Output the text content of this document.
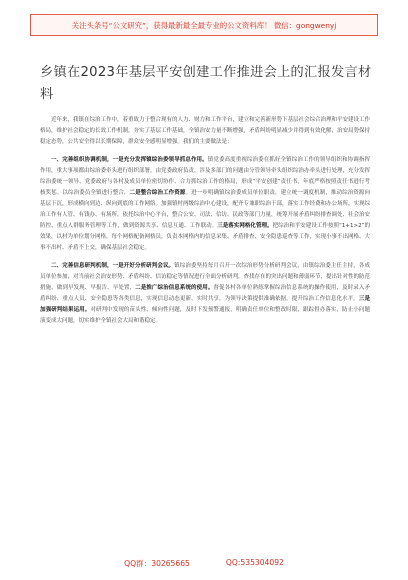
关注头条号“公文研究”，获得最新最全最专业的公文资料库！ 微信：gongwenyj
乡镇在2023年基层平安创建工作推进会上的汇报发言材料

近年来，我镇在综治工作中，着重致力于整合现有的人力、财力和工作平台，建立和完善新形势下基层社会综合治理和平安建设工作格局，维护社会稳定的长效工作机制，夯实了基层工作基础，全镇治安力量不断增强，矛盾纠纷明显减少并得到有效化解，治安局势保持稳定态势，公共安全得以长期保障，群众安全感明显增强。我们的主要做法是：

一、完善组织协调机制，一是充分发挥镇综治委领导抓总作用。镇党委高度重视综治委在抓好全镇综治工作的领导组织和协调指挥作用，重大事项都由综治委牵头进行组织部署，由党委政府负责，涉及多部门的问题由分管领导牵头组织综治办牵头进行处理，充分发挥综治委统一领导、党委政府与各村及成员单位密切协作、合力抓综治工作的格局，形成“平安创建”责任书，年底严格按照责任书进行考核奖惩。以综治委员全镇进行整合，二是整合综治工作资源。进一步明确镇综治委成员单位职责，建立统一调度机制，推动综治资源向基层下沉，形成横向到边、纵向到底的工作网络。加强镇村两级综治中心建设，配齐专兼职综治干部，落实工作经费和办公场所，实现综治工作有人管、有钱办、有场所。依托综治中心平台，整合公安、司法、信访、民政等部门力量，统筹开展矛盾纠纷排查调处、社会治安防控、重点人群服务管理等工作，做到资源共享、信息互通、工作联动。三是落实网格化管理。把综治和平安建设工作按照“1+1>2”的效果，以村为单位划分网格，每个网格配备网格员，负责本网格内的信息采集、矛盾排查、安全隐患巡查等工作，实现小事不出网格、大事不出村、矛盾不上交，确保基层社会稳定。

二、完善信息研判机制，一是开好分析研判会议。镇综治委坚持每月召开一次综治形势分析研判会议，由镇综治委主任主持，各成员单位参加，对当前社会治安形势、矛盾纠纷、信访稳定等情况进行全面分析研判，查找存在的突出问题和薄弱环节，提出针对性的防范措施，做到早发现、早报告、早处置，二是推广综治信息系统的使用。督促各村各单位熟练掌握综治信息系统的操作使用，及时录入矛盾纠纷、重点人员、安全隐患等各类信息，实现信息动态更新、实时共享，为领导决策提供准确依据，提升综治工作信息化水平。三是加强研判结果运用。对研判中发现的苗头性、倾向性问题，及时下发预警通报，明确责任单位和整改时限，跟踪督办落实，防止小问题演变成大问题，切实维护全镇社会大局和谐稳定。

QQ群：30265665	QQ:535304092
